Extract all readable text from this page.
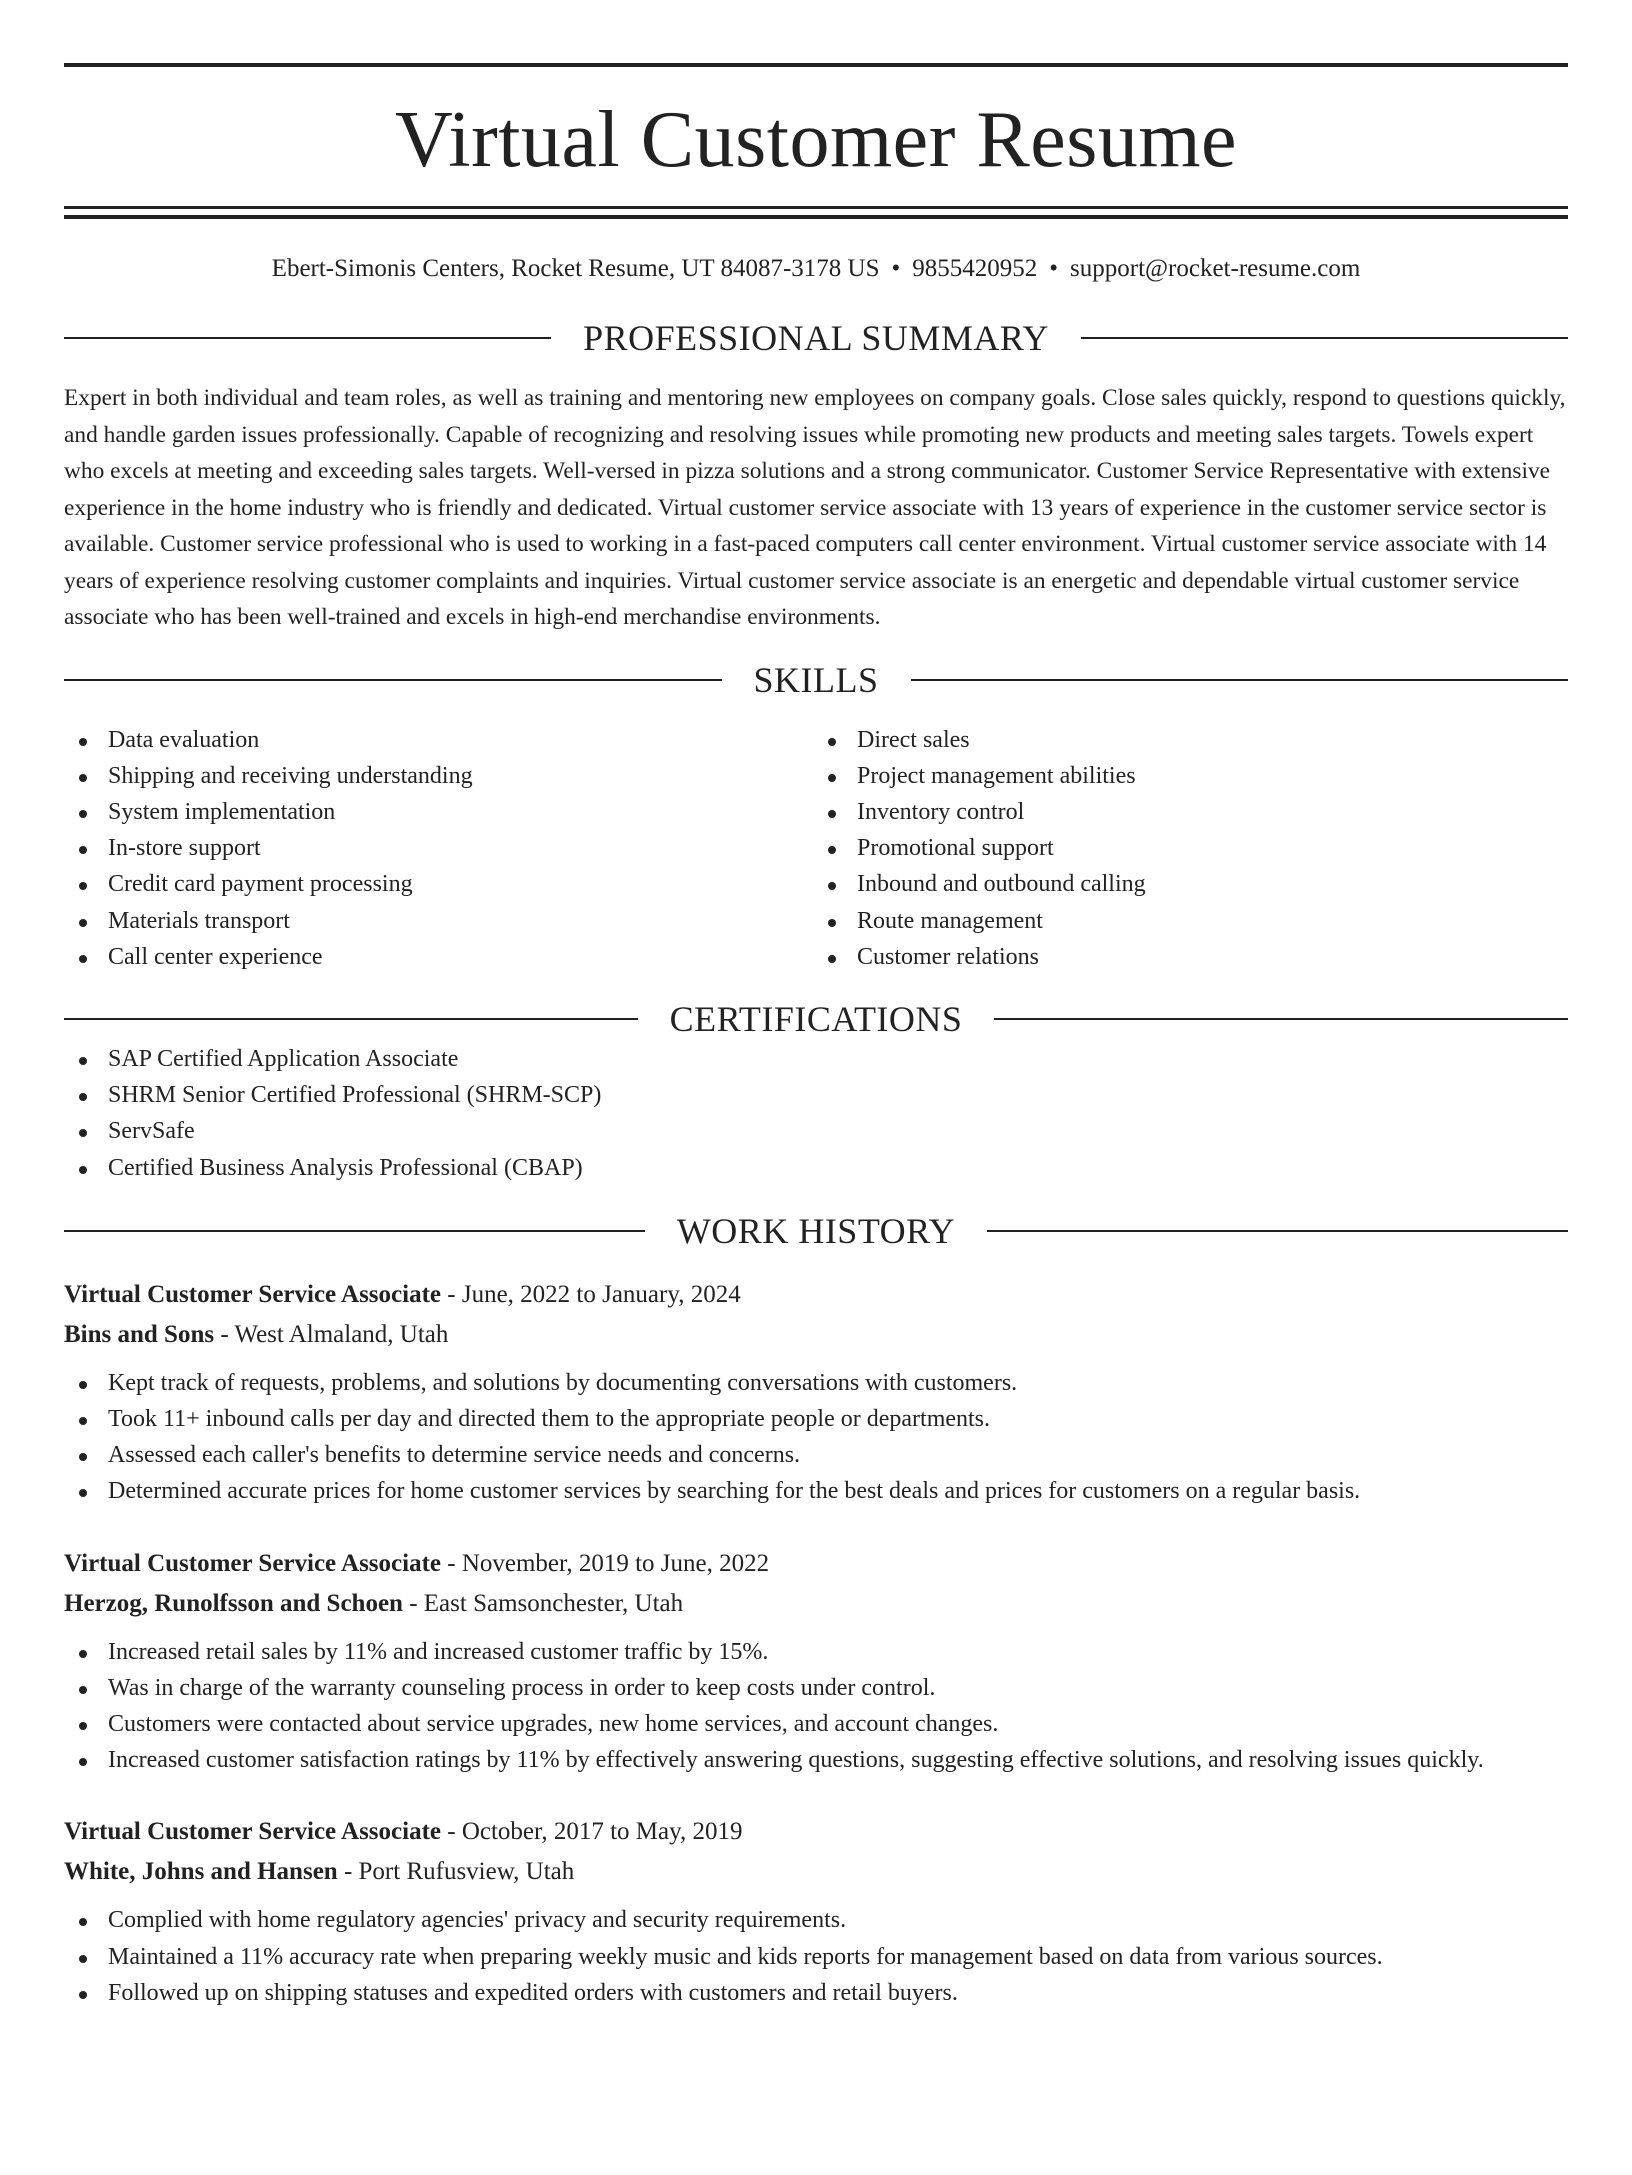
Virtual Customer Resume
Ebert-Simonis Centers, Rocket Resume, UT 84087-3178 US • 9855420952 • support@rocket-resume.com
PROFESSIONAL SUMMARY

Expert in both individual and team roles, as well as training and mentoring new employees on company goals. Close sales quickly, respond to questions quickly, and handle garden issues professionally. Capable of recognizing and resolving issues while promoting new products and meeting sales targets. Towels expert who excels at meeting and exceeding sales targets. Well-versed in pizza solutions and a strong communicator. Customer Service Representative with extensive experience in the home industry who is friendly and dedicated. Virtual customer service associate with 13 years of experience in the customer service sector is available. Customer service professional who is used to working in a fast-paced computers call center environment. Virtual customer service associate with 14 years of experience resolving customer complaints and inquiries. Virtual customer service associate is an energetic and dependable virtual customer service associate who has been well-trained and excels in high-end merchandise environments.

SKILLS
Data evaluation
Shipping and receiving understanding
System implementation
In-store support
Credit card payment processing
Materials transport
Call center experience
Direct sales
Project management abilities
Inventory control
Promotional support
Inbound and outbound calling
Route management
Customer relations
CERTIFICATIONS
SAP Certified Application Associate
SHRM Senior Certified Professional (SHRM-SCP)
ServSafe
Certified Business Analysis Professional (CBAP)
WORK HISTORY
Virtual Customer Service Associate - June, 2022 to January, 2024
Bins and Sons - West Almaland, Utah
Kept track of requests, problems, and solutions by documenting conversations with customers.
Took 11+ inbound calls per day and directed them to the appropriate people or departments.
Assessed each caller's benefits to determine service needs and concerns.
Determined accurate prices for home customer services by searching for the best deals and prices for customers on a regular basis.
Virtual Customer Service Associate - November, 2019 to June, 2022
Herzog, Runolfsson and Schoen - East Samsonchester, Utah
Increased retail sales by 11% and increased customer traffic by 15%.
Was in charge of the warranty counseling process in order to keep costs under control.
Customers were contacted about service upgrades, new home services, and account changes.
Increased customer satisfaction ratings by 11% by effectively answering questions, suggesting effective solutions, and resolving issues quickly.
Virtual Customer Service Associate - October, 2017 to May, 2019
White, Johns and Hansen - Port Rufusview, Utah
Complied with home regulatory agencies' privacy and security requirements.
Maintained a 11% accuracy rate when preparing weekly music and kids reports for management based on data from various sources.
Followed up on shipping statuses and expedited orders with customers and retail buyers.
